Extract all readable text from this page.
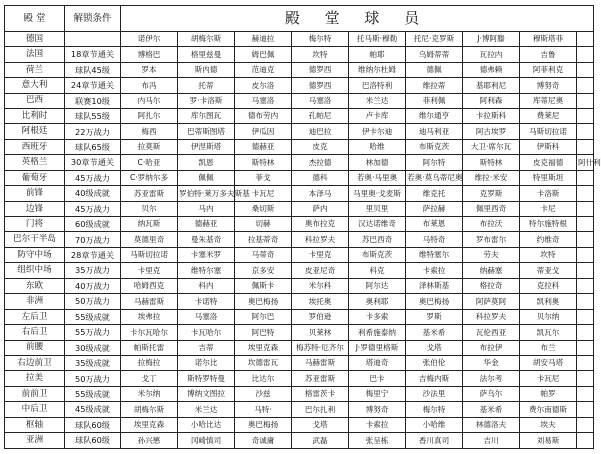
殿 堂	解锁条件	殿 堂 球 员								
德国		诺伊尔	胡梅尔斯	赫迪拉	梅尔特	托马斯·穆勒	托尼·克罗斯	J·博阿滕	穆斯塔菲	
法国	18章节通关	博格巴	格里兹曼	姆巴佩	坎特	帕耶	乌姆蒂蒂	瓦拉内	吉鲁	
荷兰	球队45级	罗本	斯内德	范迪克	德罗西	维纳尔杜姆	德佩	德弗赖	阿菲利克	
意大利	24章节通关	布冯	托蒂	皮尔洛	德罗西	巴洛特利	维拉蒂	基耶利尼	博努奇	
巴西	联赛10级	内马尔	罗·卡洛斯	马塞洛	马塞洛	米兰达	菲利佩	阿利森	库蒂尼奥	
比利时	球队55级	阿扎尔	库尔图瓦	德布劳内	孔帕尼	卢卡库	维尔通亨	卡拉斯科	费莱尼	
阿根廷	22万战力	梅西	巴蒂斯图塔	伊瓜因	迪巴拉	伊卡尔迪	迪马利亚	阿古埃罗	马斯切拉诺	
西班牙	球队65级	拉莫斯	伊涅斯塔	德赫亚	皮克	哈维	布斯克茨	大卫·席尔瓦	伊斯科	
英格兰	30章节通关	C·哈亚	凯恩	斯特林	杰拉德	林加德	阿尔特	斯特林	皮克福德	阿什利
葡萄牙	45万战力	C·罗纳尔多	佩佩	菲戈	德科	若奥·马里奥	若奥·莫乌蒂尼奥	维拉·米安	特里斯坦	
前锋	40级成就	苏亚雷斯	罗伯特·莱万多夫斯基	卡瓦尼	本泽马	马里奥·戈麦斯	维克托	克罗斯	卡洛斯	
边锋	45万战力	贝尔	马内	桑切斯	萨内	里贝里	萨拉赫	佩里西奇	卡尼	
门将	60级成就	纳瓦斯	德赫亚	切赫	奥布拉克	汉达诺维奇	布莱恩	布拉沃	特尔施特根	
巴尔干半岛	70万战力	莫德里奇	曼朱基奇	拉基蒂奇	科拉罗夫	苏巴西奇	马特奇	罗布雷尔	约维奇	
防守中场	28章节通关	马斯切拉诺	卡塞米罗	马蒂奇	卡里克	布斯克茨	维特塞尔	劳夫	坎特	
组织中场	35万战力	卡里克	维特尔塞	京多安	皮亚尼奇	科克	卡索拉	纳赫塞	蒂亚戈	
东欧	40万战力	哈姆西克	科内	佩斯卡	米尔科	阿尔达	泽林斯基	格拉奇	克拉科	
非洲	50万战力	马赫雷斯	卡诺特	奥巴梅扬	埃托奥	奥利耶	奥巴梅扬	阿萨莫阿	凯利奥	
左后卫	55级成就	埃弗拉	马塞洛	阿尔巴	罗伯逊	卡多索	罗斯	科拉罗夫	贝尔纳	
右后卫	55万战力	卡尔瓦哈尔	卡瓦哈尔	阿巴特	贝莱林	利希施泰纳	基米希	瓦伦西亚	凯瓦尔	
前腰	30级成就	帕斯托雷	吉蒂	埃里克森	梅苏特·厄齐尔	J·罗德里格斯	戈塔	布拉伊	布兰	
右边前卫	35级成就	拉梅拉	诺尔比	坎德雷瓦	马赫雷斯	塔迪奇	张伯伦	华金	胡安马塔	
拉美	50万战力	戈丁	斯特罗特曼	比达尔	苏亚雷斯	巴卡	吉梅内斯	法尔考	卡瓦尼	
前前卫	55级成就	米尔纳	博纳文图拉	沙兹	格雷茨卡	梅里宁	沙法里	萨乌尔	帕罗	
中后卫	45级成就	胡梅尔斯	米兰达	马特·	巴尔扎利	博努奇	梅尔特	基米希	费尔南德斯	
枢轴	球队60级	埃里克森	小哈比达	奥巴梅扬	戈塔	卡索拉	小哈维	林德洛夫	埃夫	
亚洲	球队60级	孙兴慜	冈崎慎司	奇诚庸	武磊	张呈栋	香川真司	吉川	刘易斯	
